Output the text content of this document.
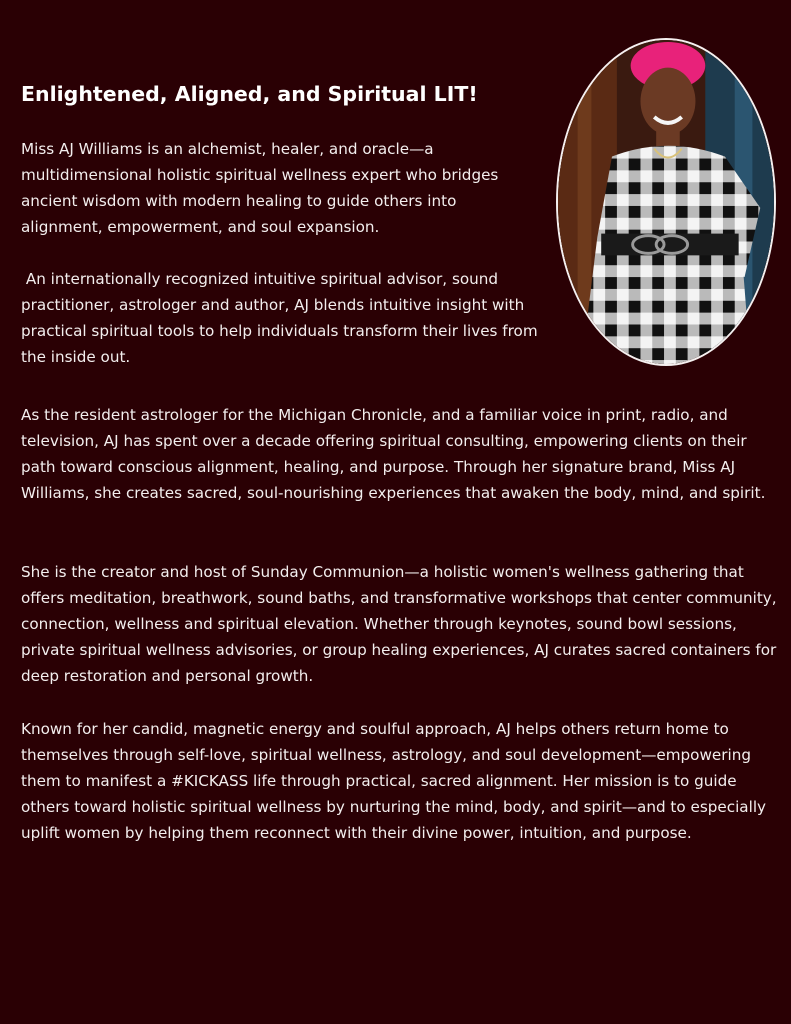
Enlightened, Aligned, and Spiritual LIT!

Miss AJ Williams is an alchemist, healer, and oracle—a multidimensional holistic spiritual wellness expert who bridges ancient wisdom with modern healing to guide others into alignment, empowerment, and soul expansion.

An internationally recognized intuitive spiritual advisor, sound practitioner, astrologer and author, AJ blends intuitive insight with practical spiritual tools to help individuals transform their lives from the inside out.

As the resident astrologer for the Michigan Chronicle, and a familiar voice in print, radio, and television, AJ has spent over a decade offering spiritual consulting, empowering clients on their path toward conscious alignment, healing, and purpose. Through her signature brand, Miss AJ Williams, she creates sacred, soul-nourishing experiences that awaken the body, mind, and spirit.

She is the creator and host of Sunday Communion—a holistic women's wellness gathering that offers meditation, breathwork, sound baths, and transformative workshops that center community, connection, wellness and spiritual elevation. Whether through keynotes, sound bowl sessions, private spiritual wellness advisories, or group healing experiences, AJ curates sacred containers for deep restoration and personal growth.

Known for her candid, magnetic energy and soulful approach, AJ helps others return home to themselves through self-love, spiritual wellness, astrology, and soul development—empowering them to manifest a #KICKASS life through practical, sacred alignment. Her mission is to guide others toward holistic spiritual wellness by nurturing the mind, body, and spirit—and to especially uplift women by helping them reconnect with their divine power, intuition, and purpose.
